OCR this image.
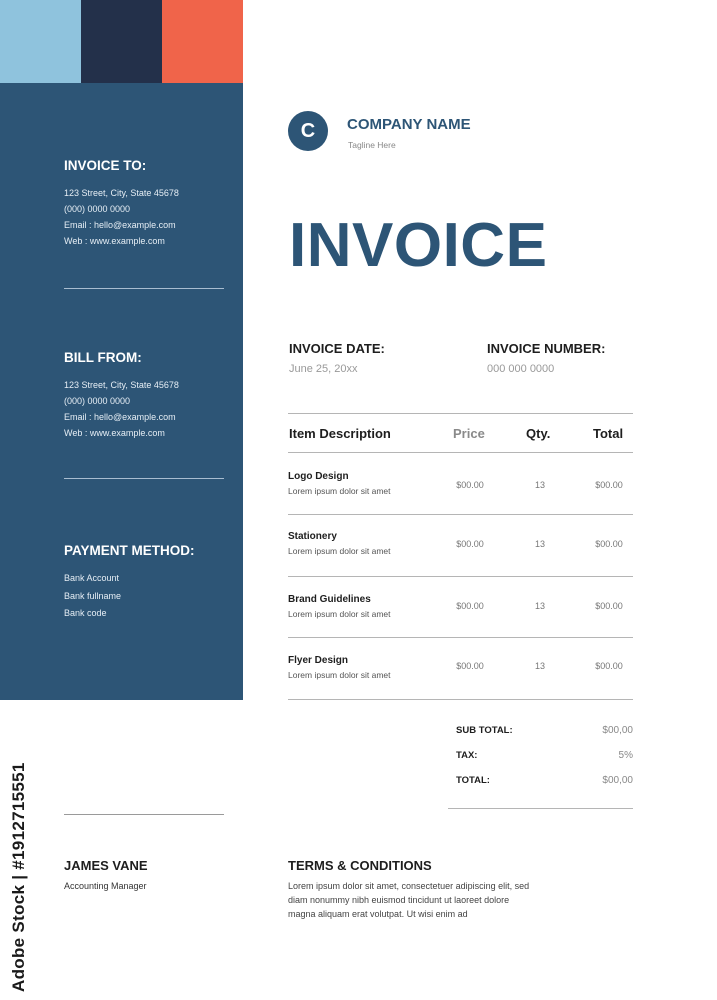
INVOICE TO:
123 Street, City, State 45678
(000) 0000 0000
Email : hello@example.com
Web : www.example.com
BILL FROM:
123 Street, City, State 45678
(000) 0000 0000
Email : hello@example.com
Web : www.example.com
PAYMENT METHOD:
Bank Account
Bank fullname
Bank code
C	COMPANY NAME
Tagline Here
INVOICE
INVOICE DATE:
June 25, 20xx
INVOICE NUMBER:
000 000 0000
Item Description	Price	Qty.	Total
Logo Design
Lorem ipsum dolor sit amet
$00.00	13	$00.00
Stationery
Lorem ipsum dolor sit amet
$00.00	13	$00.00
Brand Guidelines
Lorem ipsum dolor sit amet
$00.00	13	$00.00
Flyer Design
Lorem ipsum dolor sit amet
$00.00	13	$00.00
SUB TOTAL:	$00,00
TAX:	5%
TOTAL:	$00,00
JAMES VANE
Accounting Manager
TERMS & CONDITIONS
Lorem ipsum dolor sit amet, consectetuer adipiscing elit, sed diam nonummy nibh euismod tincidunt ut laoreet dolore magna aliquam erat volutpat. Ut wisi enim ad
Adobe Stock | #1912715551
